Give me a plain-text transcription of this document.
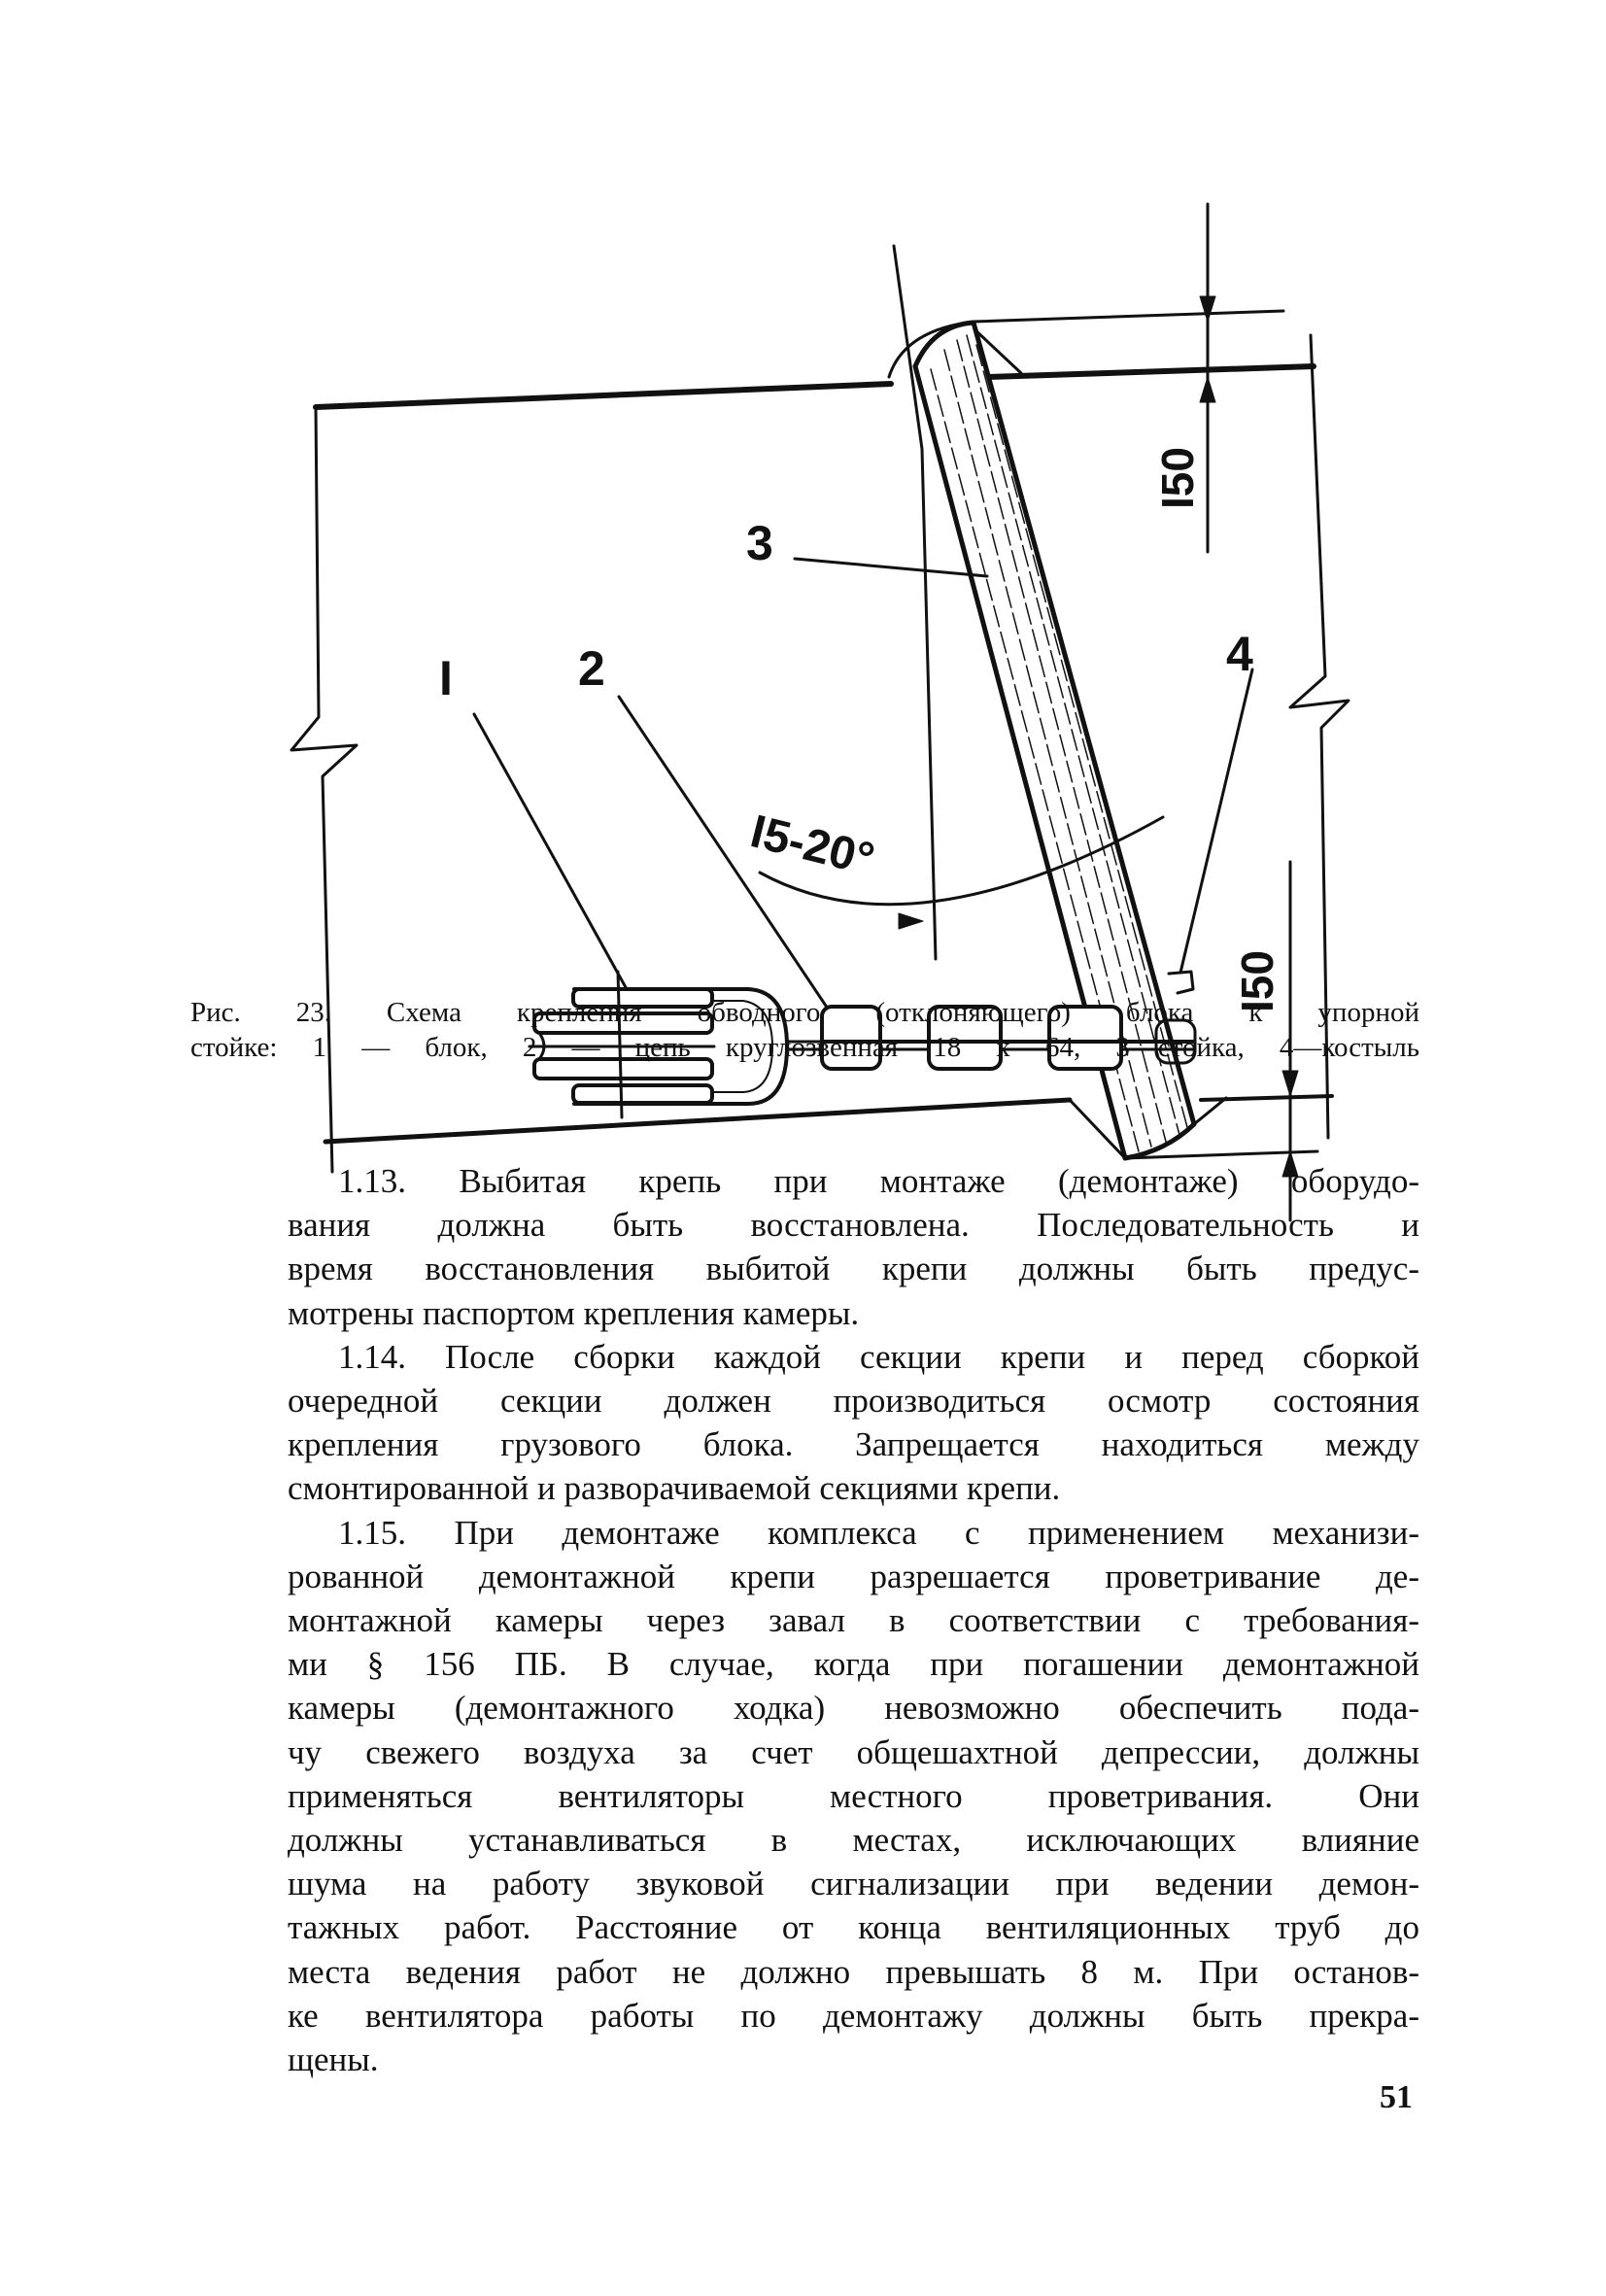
I	2
3
4
I5-20°
I50
I50
Рис. 23. Схема крепления обводного (отклоняющего) блока к упорной
стойке: 1 — блок, 2 — цепь круглозвенная 18 х 64, 3—стойка, 4—костыль
1.13. Выбитая крепь при монтаже (демонтаже) оборудо-
вания должна быть восстановлена. Последовательность и
время восстановления выбитой крепи должны быть предус-
мотрены паспортом крепления камеры.
1.14. После сборки каждой секции крепи и перед сборкой
очередной секции должен производиться осмотр состояния
крепления грузового блока. Запрещается находиться между
смонтированной и разворачиваемой секциями крепи.
1.15. При демонтаже комплекса с применением механизи-
рованной демонтажной крепи разрешается проветривание де-
монтажной камеры через завал в соответствии с требования-
ми § 156 ПБ. В случае, когда при погашении демонтажной
камеры (демонтажного ходка) невозможно обеспечить пода-
чу свежего воздуха за счет общешахтной депрессии, должны
применяться вентиляторы местного проветривания. Они
должны устанавливаться в местах, исключающих влияние
шума на работу звуковой сигнализации при ведении демон-
тажных работ. Расстояние от конца вентиляционных труб до
места ведения работ не должно превышать 8 м. При останов-
ке вентилятора работы по демонтажу должны быть прекра-
щены.
51
